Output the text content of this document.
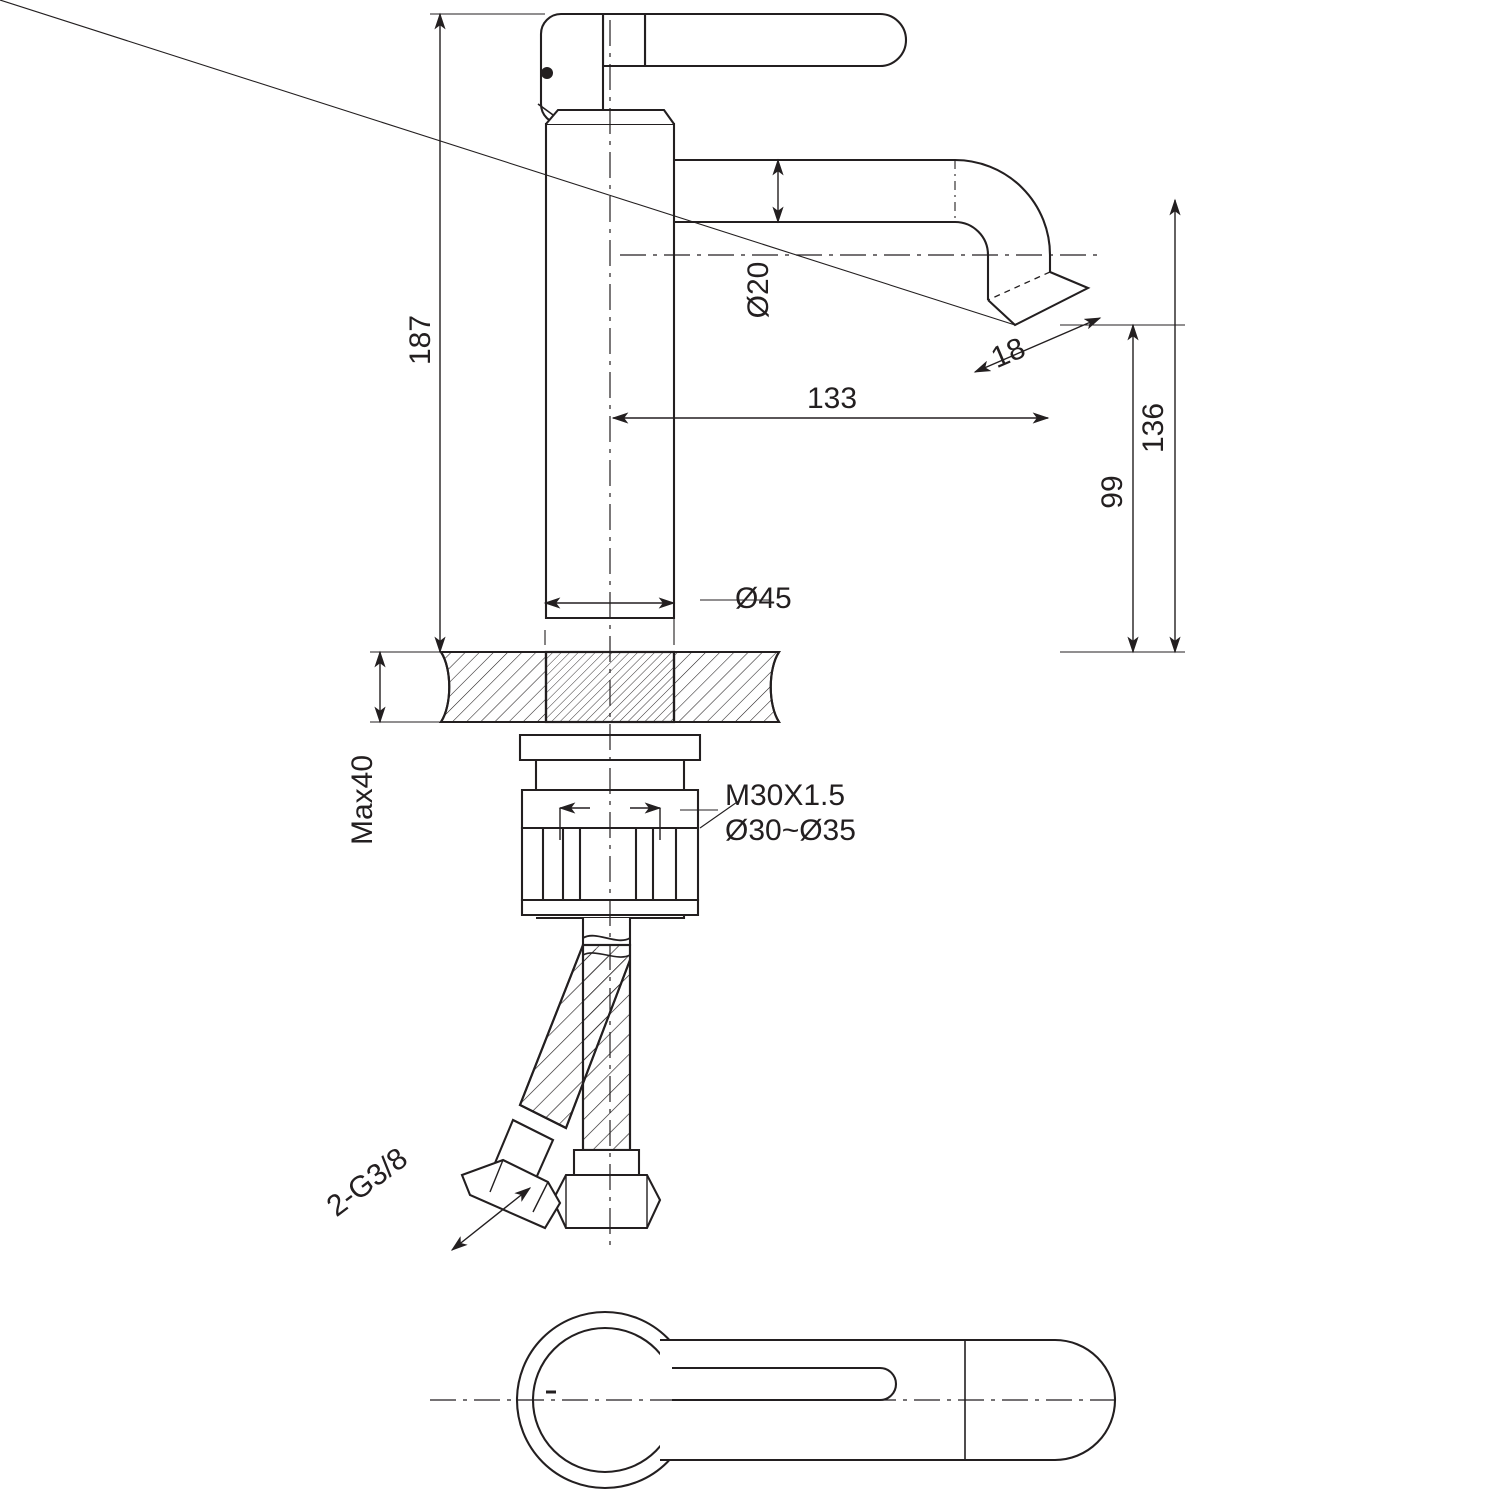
187
Ø20
133
18
136
99
Ø45
Max40	M30X1.5
Ø30~Ø35
2-G3/8
